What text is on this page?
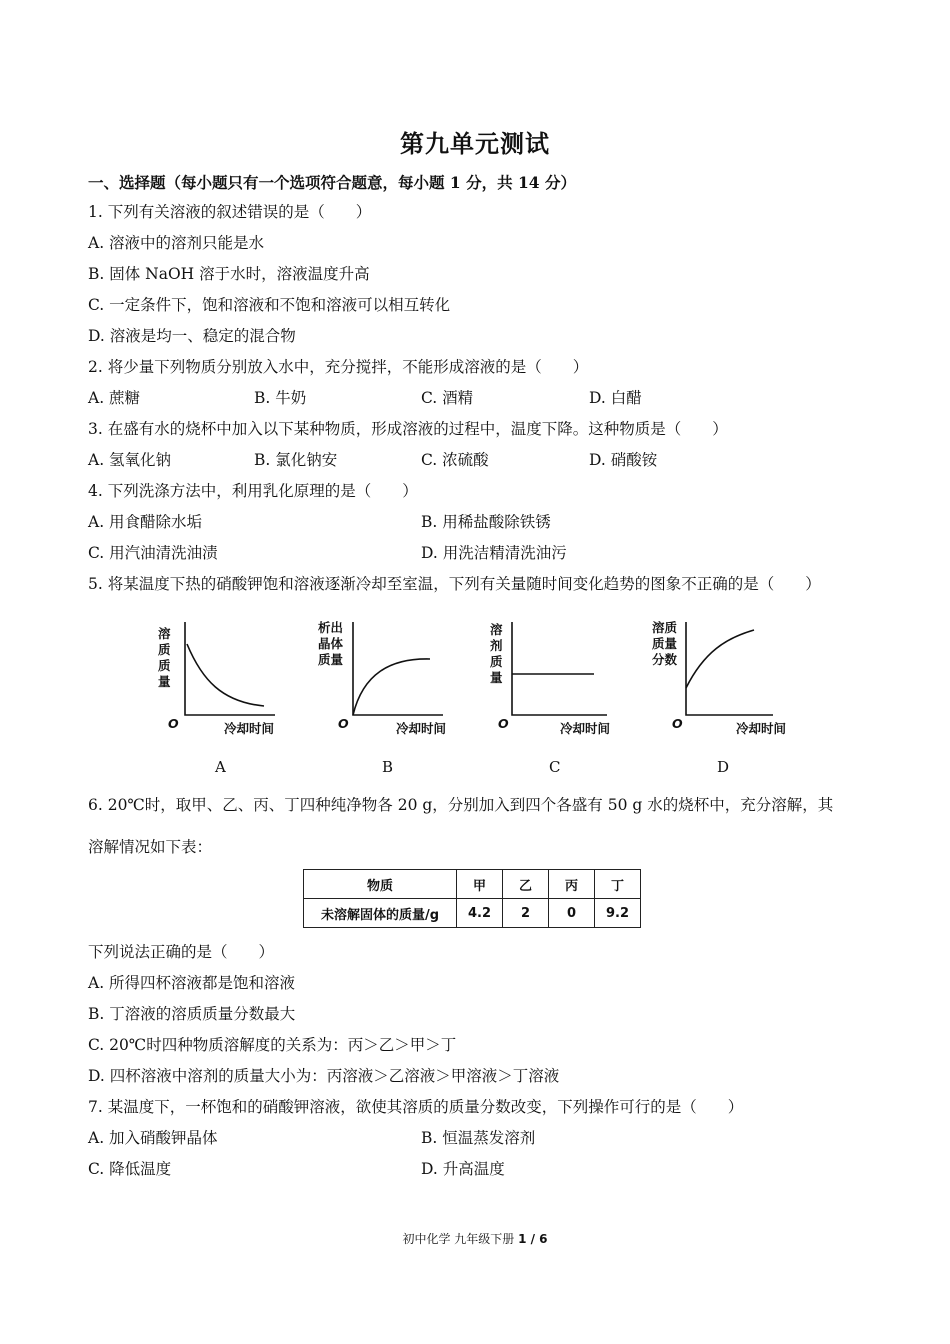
第九单元测试
一、选择题（每小题只有一个选项符合题意，每小题 1 分，共 14 分）
1. 下列有关溶液的叙述错误的是（　　）
A. 溶液中的溶剂只能是水
B. 固体 NaOH 溶于水时，溶液温度升高
C. 一定条件下，饱和溶液和不饱和溶液可以相互转化
D. 溶液是均一、稳定的混合物
2. 将少量下列物质分别放入水中，充分搅拌，不能形成溶液的是（　　）
A. 蔗糖	B. 牛奶	C. 酒精	D. 白醋
3. 在盛有水的烧杯中加入以下某种物质，形成溶液的过程中，温度下降。这种物质是（　　）
A. 氢氧化钠	B. 氯化钠安	C. 浓硫酸	D. 硝酸铵
4. 下列洗涤方法中，利用乳化原理的是（　　）
A. 用食醋除水垢	B. 用稀盐酸除铁锈
C. 用汽油清洗油渍	D. 用洗洁精清洗油污
5. 将某温度下热的硝酸钾饱和溶液逐渐冷却至室温，下列有关量随时间变化趋势的图象不正确的是（　　）
溶
质
质
量
O	冷却时间
析出
晶体
质量
O	冷却时间
溶
剂
质
量
O	冷却时间
溶质
质量
分数
O	冷却时间
A	B	C	D
6. 20℃时，取甲、乙、丙、丁四种纯净物各 20 g，分别加入到四个各盛有 50 g 水的烧杯中，充分溶解，其
溶解情况如下表：
物质	甲	乙	丙	丁
未溶解固体的质量/g	4.2	2	0	9.2
下列说法正确的是（　　）
A. 所得四杯溶液都是饱和溶液
B. 丁溶液的溶质质量分数最大
C. 20℃时四种物质溶解度的关系为：丙＞乙＞甲＞丁
D. 四杯溶液中溶剂的质量大小为：丙溶液＞乙溶液＞甲溶液＞丁溶液
7. 某温度下，一杯饱和的硝酸钾溶液，欲使其溶质的质量分数改变，下列操作可行的是（　　）
A. 加入硝酸钾晶体	B. 恒温蒸发溶剂
C. 降低温度	D. 升高温度
初中化学 九年级下册 1 / 6
